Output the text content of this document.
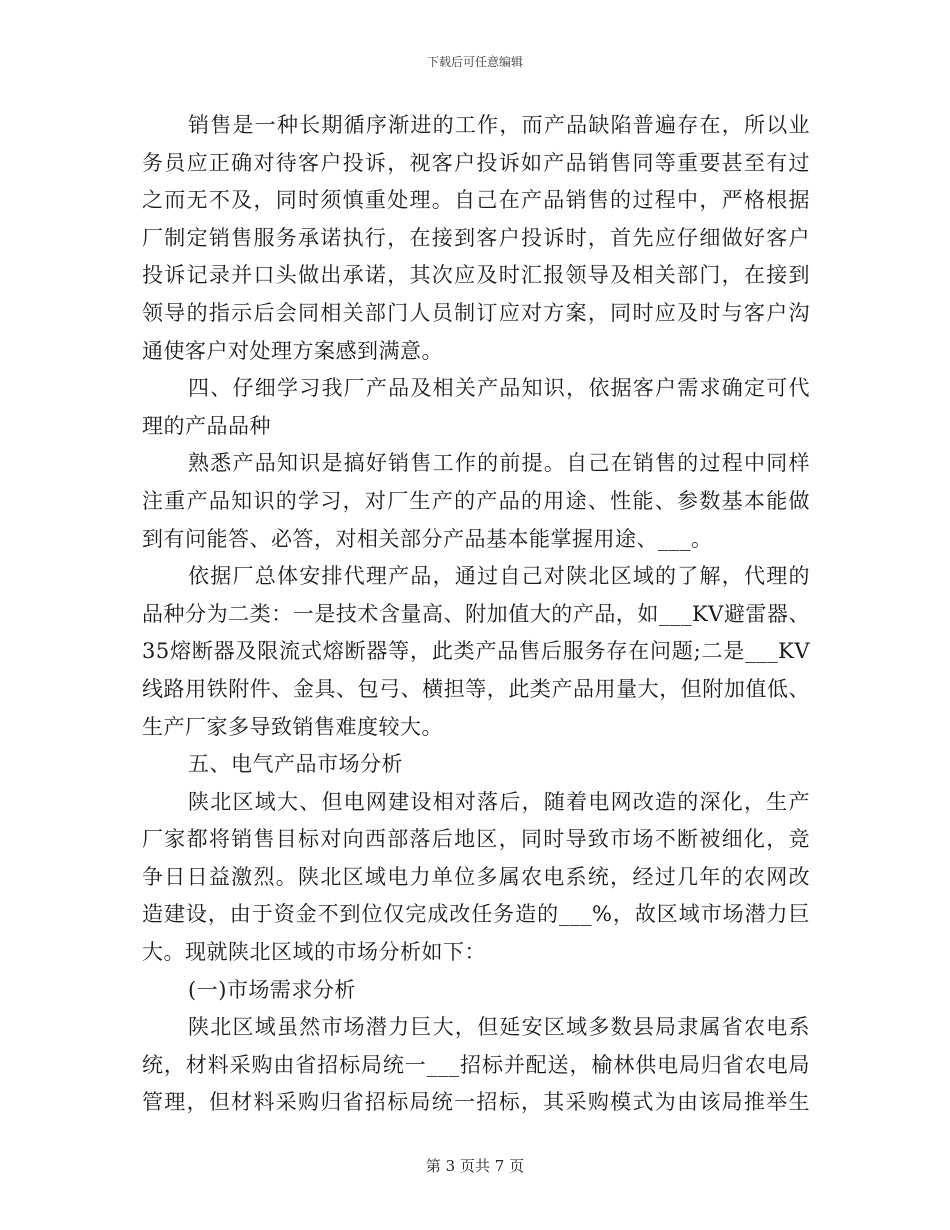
下载后可任意编辑
销售是一种长期循序渐进的工作，而产品缺陷普遍存在，所以业
务员应正确对待客户投诉，视客户投诉如产品销售同等重要甚至有过
之而无不及，同时须慎重处理。自己在产品销售的过程中，严格根据
厂制定销售服务承诺执行，在接到客户投诉时，首先应仔细做好客户
投诉记录并口头做出承诺，其次应及时汇报领导及相关部门，在接到
领导的指示后会同相关部门人员制订应对方案，同时应及时与客户沟
通使客户对处理方案感到满意。
四、仔细学习我厂产品及相关产品知识，依据客户需求确定可代
理的产品品种
熟悉产品知识是搞好销售工作的前提。自己在销售的过程中同样
注重产品知识的学习，对厂生产的产品的用途、性能、参数基本能做
到有问能答、必答，对相关部分产品基本能掌握用途、___。
依据厂总体安排代理产品，通过自己对陕北区域的了解，代理的
品种分为二类：一是技术含量高、附加值大的产品，如___KV避雷器、
35熔断器及限流式熔断器等，此类产品售后服务存在问题;二是___KV
线路用铁附件、金具、包弓、横担等，此类产品用量大，但附加值低、
生产厂家多导致销售难度较大。
五、电气产品市场分析
陕北区域大、但电网建设相对落后，随着电网改造的深化，生产
厂家都将销售目标对向西部落后地区，同时导致市场不断被细化，竞
争日日益激烈。陕北区域电力单位多属农电系统，经过几年的农网改
造建设，由于资金不到位仅完成改任务造的___%，故区域市场潜力巨
大。现就陕北区域的市场分析如下：
(一)市场需求分析
陕北区域虽然市场潜力巨大，但延安区域多数县局隶属省农电系
统，材料采购由省招标局统一___招标并配送，榆林供电局归省农电局
管理，但材料采购归省招标局统一招标，其采购模式为由该局推举生
第 3 页共 7 页
